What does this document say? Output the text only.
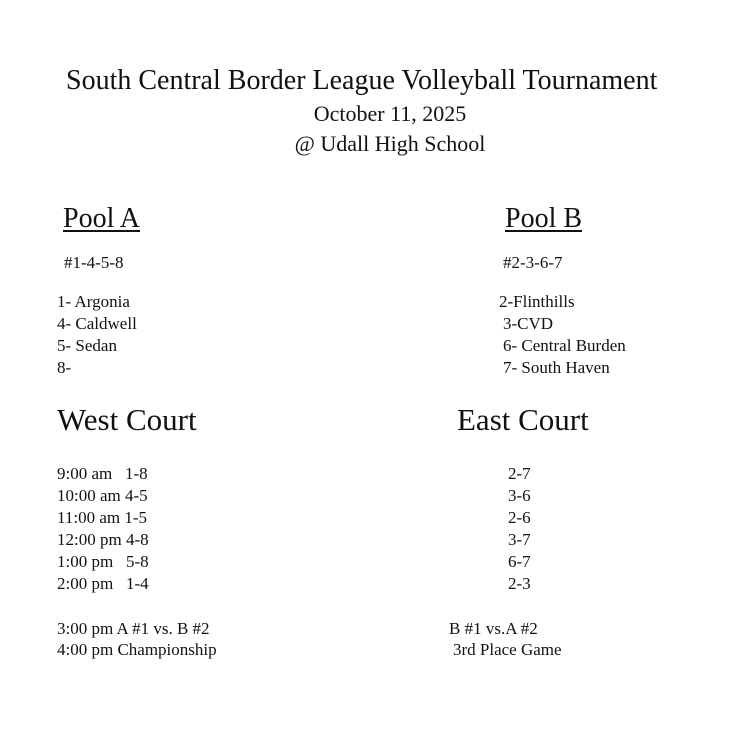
South Central Border League Volleyball Tournament
October 11, 2025
@ Udall High School
Pool A
#1-4-5-8
1- Argonia
4- Caldwell
5- Sedan
8-
Pool B
#2-3-6-7
2-Flinthills
3-CVD
6- Central Burden
7- South Haven
West Court
9:00 am   1-8
10:00 am 4-5
11:00 am 1-5
12:00 pm 4-8
1:00 pm   5-8
2:00 pm   1-4
3:00 pm A #1 vs. B #2
4:00 pm Championship
East Court
2-7
3-6
2-6
3-7
6-7
2-3
B #1 vs.A #2
3rd Place Game
